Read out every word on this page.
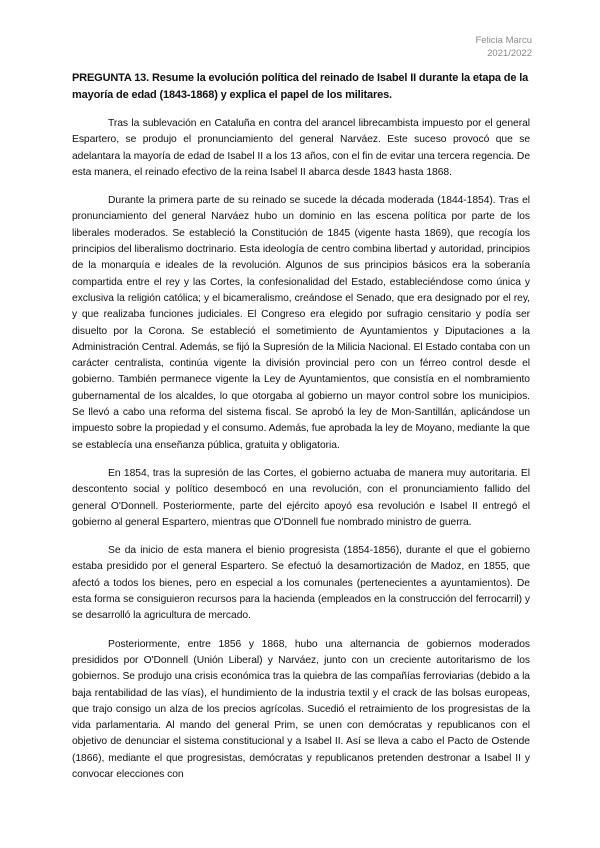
Felicia Marcu
2021/2022

PREGUNTA 13. Resume la evolución política del reinado de Isabel II durante la etapa de la mayoría de edad (1843-1868) y explica el papel de los militares.

Tras la sublevación en Cataluña en contra del arancel librecambista impuesto por el general Espartero, se produjo el pronunciamiento del general Narváez. Este suceso provocó que se adelantara la mayoría de edad de Isabel II a los 13 años, con el fin de evitar una tercera regencia. De esta manera, el reinado efectivo de la reina Isabel II abarca desde 1843 hasta 1868.

Durante la primera parte de su reinado se sucede la década moderada (1844-1854). Tras el pronunciamiento del general Narváez hubo un dominio en las escena política por parte de los liberales moderados. Se estableció la Constitución de 1845 (vigente hasta 1869), que recogía los principios del liberalismo doctrinario. Esta ideología de centro combina libertad y autoridad, principios de la monarquía e ideales de la revolución. Algunos de sus principios básicos era la soberanía compartida entre el rey y las Cortes, la confesionalidad del Estado, estableciéndose como única y exclusiva la religión católica; y el bicameralismo, creándose el Senado, que era designado por el rey, y que realizaba funciones judiciales. El Congreso era elegido por sufragio censitario y podía ser disuelto por la Corona. Se estableció el sometimiento de Ayuntamientos y Diputaciones a la Administración Central. Además, se fijó la Supresión de la Milicia Nacional. El Estado contaba con un carácter centralista, continúa vigente la división provincial pero con un férreo control desde el gobierno. También permanece vigente la Ley de Ayuntamientos, que consistía en el nombramiento gubernamental de los alcaldes, lo que otorgaba al gobierno un mayor control sobre los municipios. Se llevó a cabo una reforma del sistema fiscal. Se aprobó la ley de Mon-Santillán, aplicándose un impuesto sobre la propiedad y el consumo. Además, fue aprobada la ley de Moyano, mediante la que se establecía una enseñanza pública, gratuita y obligatoria.

En 1854, tras la supresión de las Cortes, el gobierno actuaba de manera muy autoritaria. El descontento social y político desembocó en una revolución, con el pronunciamiento fallido del general O'Donnell. Posteriormente, parte del ejército apoyó esa revolución e Isabel II entregó el gobierno al general Espartero, mientras que O'Donnell fue nombrado ministro de guerra.

Se da inicio de esta manera el bienio progresista (1854-1856), durante el que el gobierno estaba presidido por el general Espartero. Se efectuó la desamortización de Madoz, en 1855, que afectó a todos los bienes, pero en especial a los comunales (pertenecientes a ayuntamientos). De esta forma se consiguieron recursos para la hacienda (empleados en la construcción del ferrocarril) y se desarrolló la agricultura de mercado.

Posteriormente, entre 1856 y 1868, hubo una alternancia de gobiernos moderados presididos por O'Donnell (Unión Liberal) y Narváez, junto con un creciente autoritarismo de los gobiernos. Se produjo una crisis económica tras la quiebra de las compañías ferroviarias (debido a la baja rentabilidad de las vías), el hundimiento de la industria textil y el crack de las bolsas europeas, que trajo consigo un alza de los precios agrícolas. Sucedió el retraimiento de los progresistas de la vida parlamentaria. Al mando del general Prim, se unen con demócratas y republicanos con el objetivo de denunciar el sistema constitucional y a Isabel II. Así se lleva a cabo el Pacto de Ostende (1866), mediante el que progresistas, demócratas y republicanos pretenden destronar a Isabel II y convocar elecciones con
